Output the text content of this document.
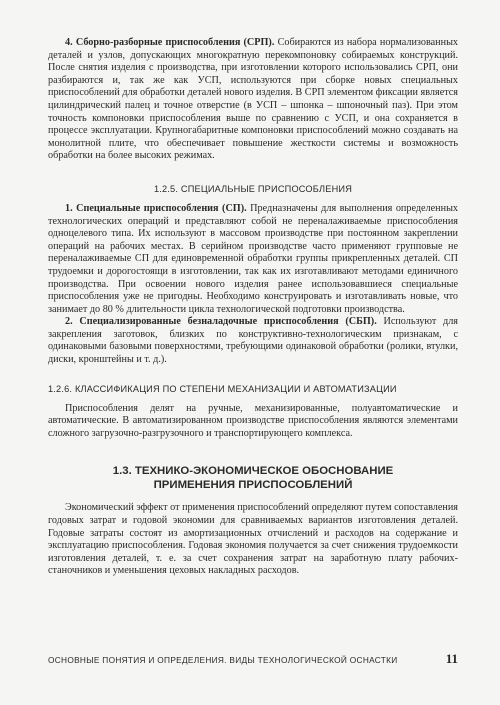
4. Сборно-разборные приспособления (СРП). Собираются из набора нормализованных деталей и узлов, допускающих многократную перекомпоновку собираемых конструкций. После снятия изделия с производства, при изготовлении которого использовались СРП, они разбираются и, так же как УСП, используются при сборке новых специальных приспособлений для обработки деталей нового изделия. В СРП элементом фиксации является цилиндрический палец и точное отверстие (в УСП – шпонка – шпоночный паз). При этом точность компоновки приспособления выше по сравнению с УСП, и она сохраняется в процессе эксплуатации. Крупногабаритные компоновки приспособлений можно создавать на монолитной плите, что обеспечивает повышение жесткости системы и возможность обработки на более высоких режимах.

1.2.5. СПЕЦИАЛЬНЫЕ ПРИСПОСОБЛЕНИЯ

1. Специальные приспособления (СП). Предназначены для выполнения определенных технологических операций и представляют собой не переналаживаемые приспособления одноцелевого типа. Их используют в массовом производстве при постоянном закреплении операций на рабочих местах. В серийном производстве часто применяют групповые не переналаживаемые СП для единовременной обработки группы прикрепленных деталей. СП трудоемки и дорогостоящи в изготовлении, так как их изготавливают методами единичного производства. При освоении нового изделия ранее использовавшиеся специальные приспособления уже не пригодны. Необходимо конструировать и изготавливать новые, что занимает до 80 % длительности цикла технологической подготовки производства.

2. Специализированные безналадочные приспособления (СБП). Используют для закрепления заготовок, близких по конструктивно-технологическим признакам, с одинаковыми базовыми поверхностями, требующими одинаковой обработки (ролики, втулки, диски, кронштейны и т. д.).

1.2.6. КЛАССИФИКАЦИЯ ПО СТЕПЕНИ МЕХАНИЗАЦИИ И АВТОМАТИЗАЦИИ

Приспособления делят на ручные, механизированные, полуавтоматические и автоматические. В автоматизированном производстве приспособления являются элементами сложного загрузочно-разгрузочного и транспортирующего комплекса.

1.3. ТЕХНИКО-ЭКОНОМИЧЕСКОЕ ОБОСНОВАНИЕ
ПРИМЕНЕНИЯ ПРИСПОСОБЛЕНИЙ

Экономический эффект от применения приспособлений определяют путем сопоставления годовых затрат и годовой экономии для сравниваемых вариантов изготовления деталей. Годовые затраты состоят из амортизационных отчислений и расходов на содержание и эксплуатацию приспособления. Годовая экономия получается за счет снижения трудоемкости изготовления деталей, т. е. за счет сохранения затрат на заработную плату рабочих-станочников и уменьшения цеховых накладных расходов.

ОСНОВНЫЕ ПОНЯТИЯ И ОПРЕДЕЛЕНИЯ. ВИДЫ ТЕХНОЛОГИЧЕСКОЙ ОСНАСТКИ	11
